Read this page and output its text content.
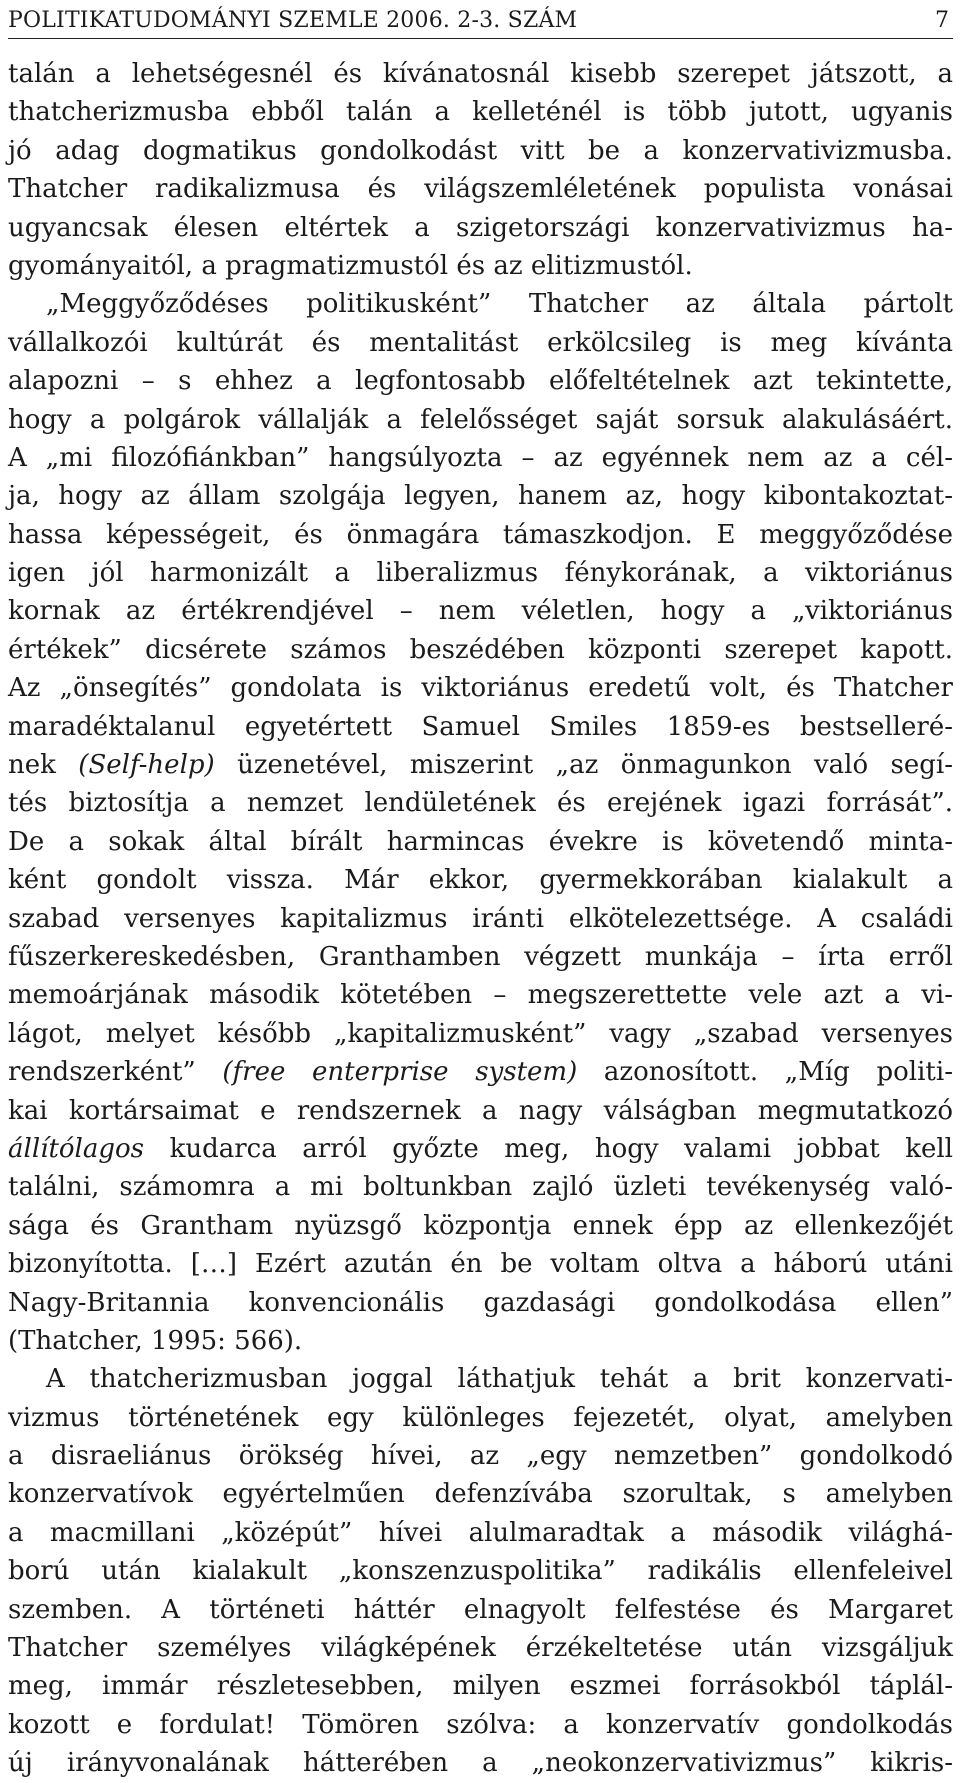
POLITIKATUDOMÁNYI SZEMLE 2006. 2-3. SZÁM	7
talán a lehetségesnél és kívánatosnál kisebb szerepet játszott, a
thatcherizmusba ebből talán a kelleténél is több jutott, ugyanis
jó adag dogmatikus gondolkodást vitt be a konzervativizmusba.
Thatcher radikalizmusa és világszemléletének populista vonásai
ugyancsak élesen eltértek a szigetországi konzervativizmus ha-
gyományaitól, a pragmatizmustól és az elitizmustól.
„Meggyőződéses politikusként” Thatcher az általa pártolt
vállalkozói kultúrát és mentalitást erkölcsileg is meg kívánta
alapozni – s ehhez a legfontosabb előfeltételnek azt tekintette,
hogy a polgárok vállalják a felelősséget saját sorsuk alakulásáért.
A „mi filozófiánkban” hangsúlyozta – az egyénnek nem az a cél-
ja, hogy az állam szolgája legyen, hanem az, hogy kibontakoztat-
hassa képességeit, és önmagára támaszkodjon. E meggyőződése
igen jól harmonizált a liberalizmus fénykorának, a viktoriánus
kornak az értékrendjével – nem véletlen, hogy a „viktoriánus
értékek” dicsérete számos beszédében központi szerepet kapott.
Az „önsegítés” gondolata is viktoriánus eredetű volt, és Thatcher
maradéktalanul egyetértett Samuel Smiles 1859-es bestselleré-
nek (Self-help) üzenetével, miszerint „az önmagunkon való segí-
tés biztosítja a nemzet lendületének és erejének igazi forrását”.
De a sokak által bírált harmincas évekre is követendő minta-
ként gondolt vissza. Már ekkor, gyermekkorában kialakult a
szabad versenyes kapitalizmus iránti elkötelezettsége. A családi
fűszerkereskedésben, Granthamben végzett munkája – írta erről
memoárjának második kötetében – megszerettette vele azt a vi-
lágot, melyet később „kapitalizmusként” vagy „szabad versenyes
rendszerként” (free enterprise system) azonosított. „Míg politi-
kai kortársaimat e rendszernek a nagy válságban megmutatkozó
állítólagos kudarca arról győzte meg, hogy valami jobbat kell
találni, számomra a mi boltunkban zajló üzleti tevékenység való-
sága és Grantham nyüzsgő központja ennek épp az ellenkezőjét
bizonyította. […] Ezért azután én be voltam oltva a háború utáni
Nagy-Britannia konvencionális gazdasági gondolkodása ellen”
(Thatcher, 1995: 566).
A thatcherizmusban joggal láthatjuk tehát a brit konzervati-
vizmus történetének egy különleges fejezetét, olyat, amelyben
a disraeliánus örökség hívei, az „egy nemzetben” gondolkodó
konzervatívok egyértelműen defenzívába szorultak, s amelyben
a macmillani „középút” hívei alulmaradtak a második világhá-
ború után kialakult „konszenzuspolitika” radikális ellenfeleivel
szemben. A történeti háttér elnagyolt felfestése és Margaret
Thatcher személyes világképének érzékeltetése után vizsgáljuk
meg, immár részletesebben, milyen eszmei forrásokból táplál-
kozott e fordulat! Tömören szólva: a konzervatív gondolkodás
új irányvonalának hátterében a „neokonzervativizmus” kikris-
